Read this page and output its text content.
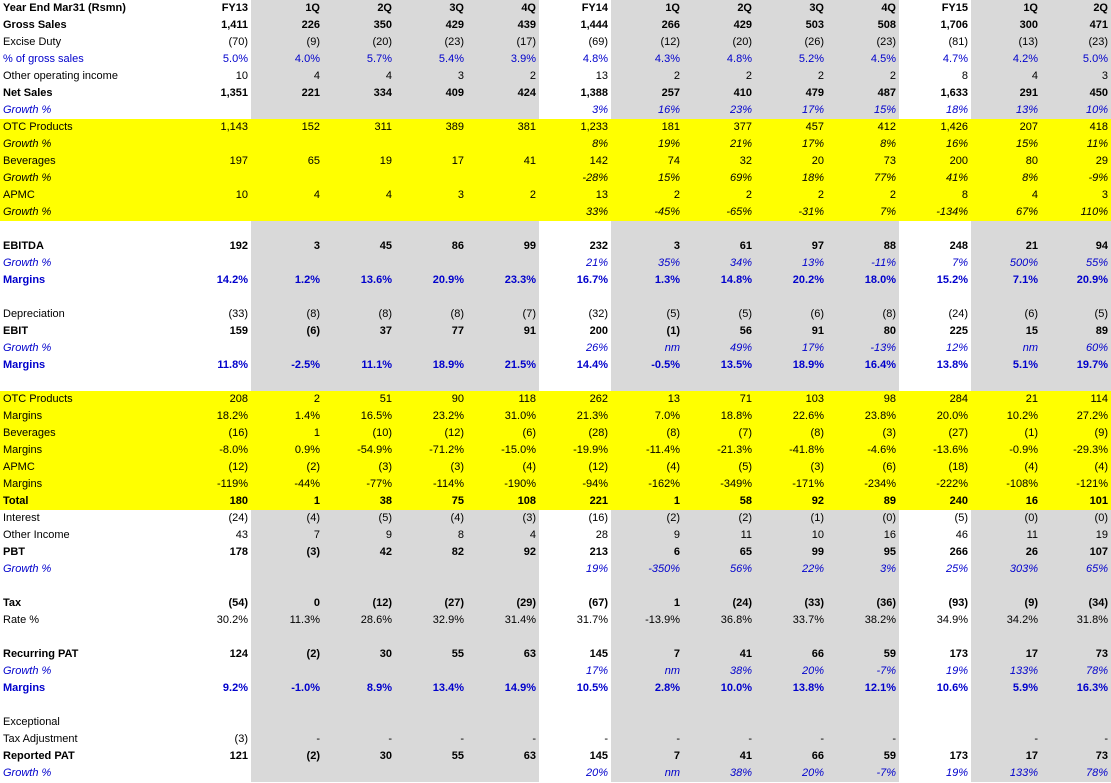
Year End Mar31 (Rsmn)	FY13	1Q	2Q	3Q	4Q	FY14	1Q	2Q	3Q	4Q	FY15	1Q	2Q
Gross Sales	1,411	226	350	429	439	1,444	266	429	503	508	1,706	300	471
Excise Duty	(70)	(9)	(20)	(23)	(17)	(69)	(12)	(20)	(26)	(23)	(81)	(13)	(23)
% of gross sales	5.0%	4.0%	5.7%	5.4%	3.9%	4.8%	4.3%	4.8%	5.2%	4.5%	4.7%	4.2%	5.0%
Other operating income	10	4	4	3	2	13	2	2	2	2	8	4	3
Net Sales	1,351	221	334	409	424	1,388	257	410	479	487	1,633	291	450
Growth %						3%	16%	23%	17%	15%	18%	13%	10%
OTC Products	1,143	152	311	389	381	1,233	181	377	457	412	1,426	207	418
Growth %						8%	19%	21%	17%	8%	16%	15%	11%
Beverages	197	65	19	17	41	142	74	32	20	73	200	80	29
Growth %						-28%	15%	69%	18%	77%	41%	8%	-9%
APMC	10	4	4	3	2	13	2	2	2	2	8	4	3
Growth %						33%	-45%	-65%	-31%	7%	-134%	67%	110%

EBITDA	192	3	45	86	99	232	3	61	97	88	248	21	94
Growth %						21%	35%	34%	13%	-11%	7%	500%	55%
Margins	14.2%	1.2%	13.6%	20.9%	23.3%	16.7%	1.3%	14.8%	20.2%	18.0%	15.2%	7.1%	20.9%

Depreciation	(33)	(8)	(8)	(8)	(7)	(32)	(5)	(5)	(6)	(8)	(24)	(6)	(5)
EBIT	159	(6)	37	77	91	200	(1)	56	91	80	225	15	89
Growth %						26%	nm	49%	17%	-13%	12%	nm	60%
Margins	11.8%	-2.5%	11.1%	18.9%	21.5%	14.4%	-0.5%	13.5%	18.9%	16.4%	13.8%	5.1%	19.7%

OTC Products	208	2	51	90	118	262	13	71	103	98	284	21	114
Margins	18.2%	1.4%	16.5%	23.2%	31.0%	21.3%	7.0%	18.8%	22.6%	23.8%	20.0%	10.2%	27.2%
Beverages	(16)	1	(10)	(12)	(6)	(28)	(8)	(7)	(8)	(3)	(27)	(1)	(9)
Margins	-8.0%	0.9%	-54.9%	-71.2%	-15.0%	-19.9%	-11.4%	-21.3%	-41.8%	-4.6%	-13.6%	-0.9%	-29.3%
APMC	(12)	(2)	(3)	(3)	(4)	(12)	(4)	(5)	(3)	(6)	(18)	(4)	(4)
Margins	-119%	-44%	-77%	-114%	-190%	-94%	-162%	-349%	-171%	-234%	-222%	-108%	-121%
Total	180	1	38	75	108	221	1	58	92	89	240	16	101
Interest	(24)	(4)	(5)	(4)	(3)	(16)	(2)	(2)	(1)	(0)	(5)	(0)	(0)
Other Income	43	7	9	8	4	28	9	11	10	16	46	11	19
PBT	178	(3)	42	82	92	213	6	65	99	95	266	26	107
Growth %						19%	-350%	56%	22%	3%	25%	303%	65%

Tax	(54)	0	(12)	(27)	(29)	(67)	1	(24)	(33)	(36)	(93)	(9)	(34)
Rate %	30.2%	11.3%	28.6%	32.9%	31.4%	31.7%	-13.9%	36.8%	33.7%	38.2%	34.9%	34.2%	31.8%

Recurring PAT	124	(2)	30	55	63	145	7	41	66	59	173	17	73
Growth %						17%	nm	38%	20%	-7%	19%	133%	78%
Margins	9.2%	-1.0%	8.9%	13.4%	14.9%	10.5%	2.8%	10.0%	13.8%	12.1%	10.6%	5.9%	16.3%

Exceptional													
Tax Adjustment	(3)	-	-	-	-	-	-	-	-	-		-	-
Reported PAT	121	(2)	30	55	63	145	7	41	66	59	173	17	73
Growth %						20%	nm	38%	20%	-7%	19%	133%	78%
